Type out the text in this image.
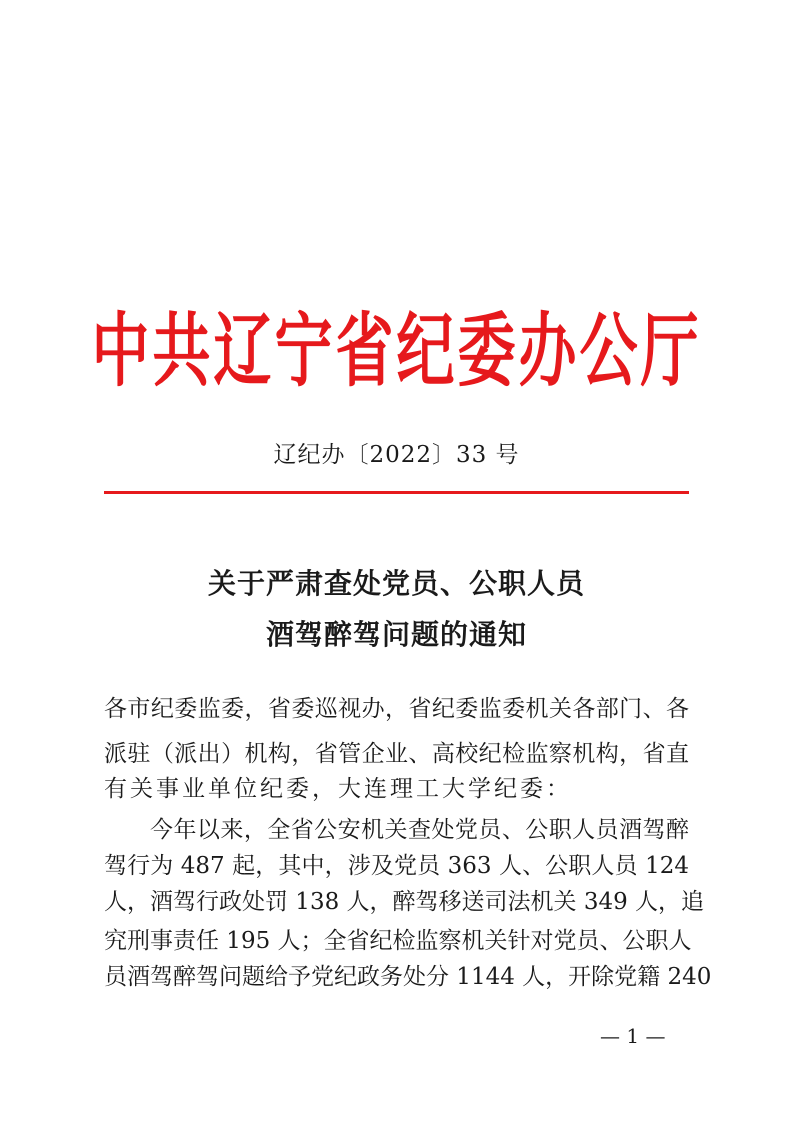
中共辽宁省纪委办公厅
辽纪办〔2022〕33 号
关于严肃查处党员、公职人员
酒驾醉驾问题的通知
各市纪委监委，省委巡视办，省纪委监委机关各部门、各
派驻（派出）机构，省管企业、高校纪检监察机构，省直
有关事业单位纪委，大连理工大学纪委：
今年以来，全省公安机关查处党员、公职人员酒驾醉
驾行为 487 起，其中，涉及党员 363 人、公职人员 124
人，酒驾行政处罚 138 人，醉驾移送司法机关 349 人，追
究刑事责任 195 人；全省纪检监察机关针对党员、公职人
员酒驾醉驾问题给予党纪政务处分 1144 人，开除党籍 240
— 1 —
